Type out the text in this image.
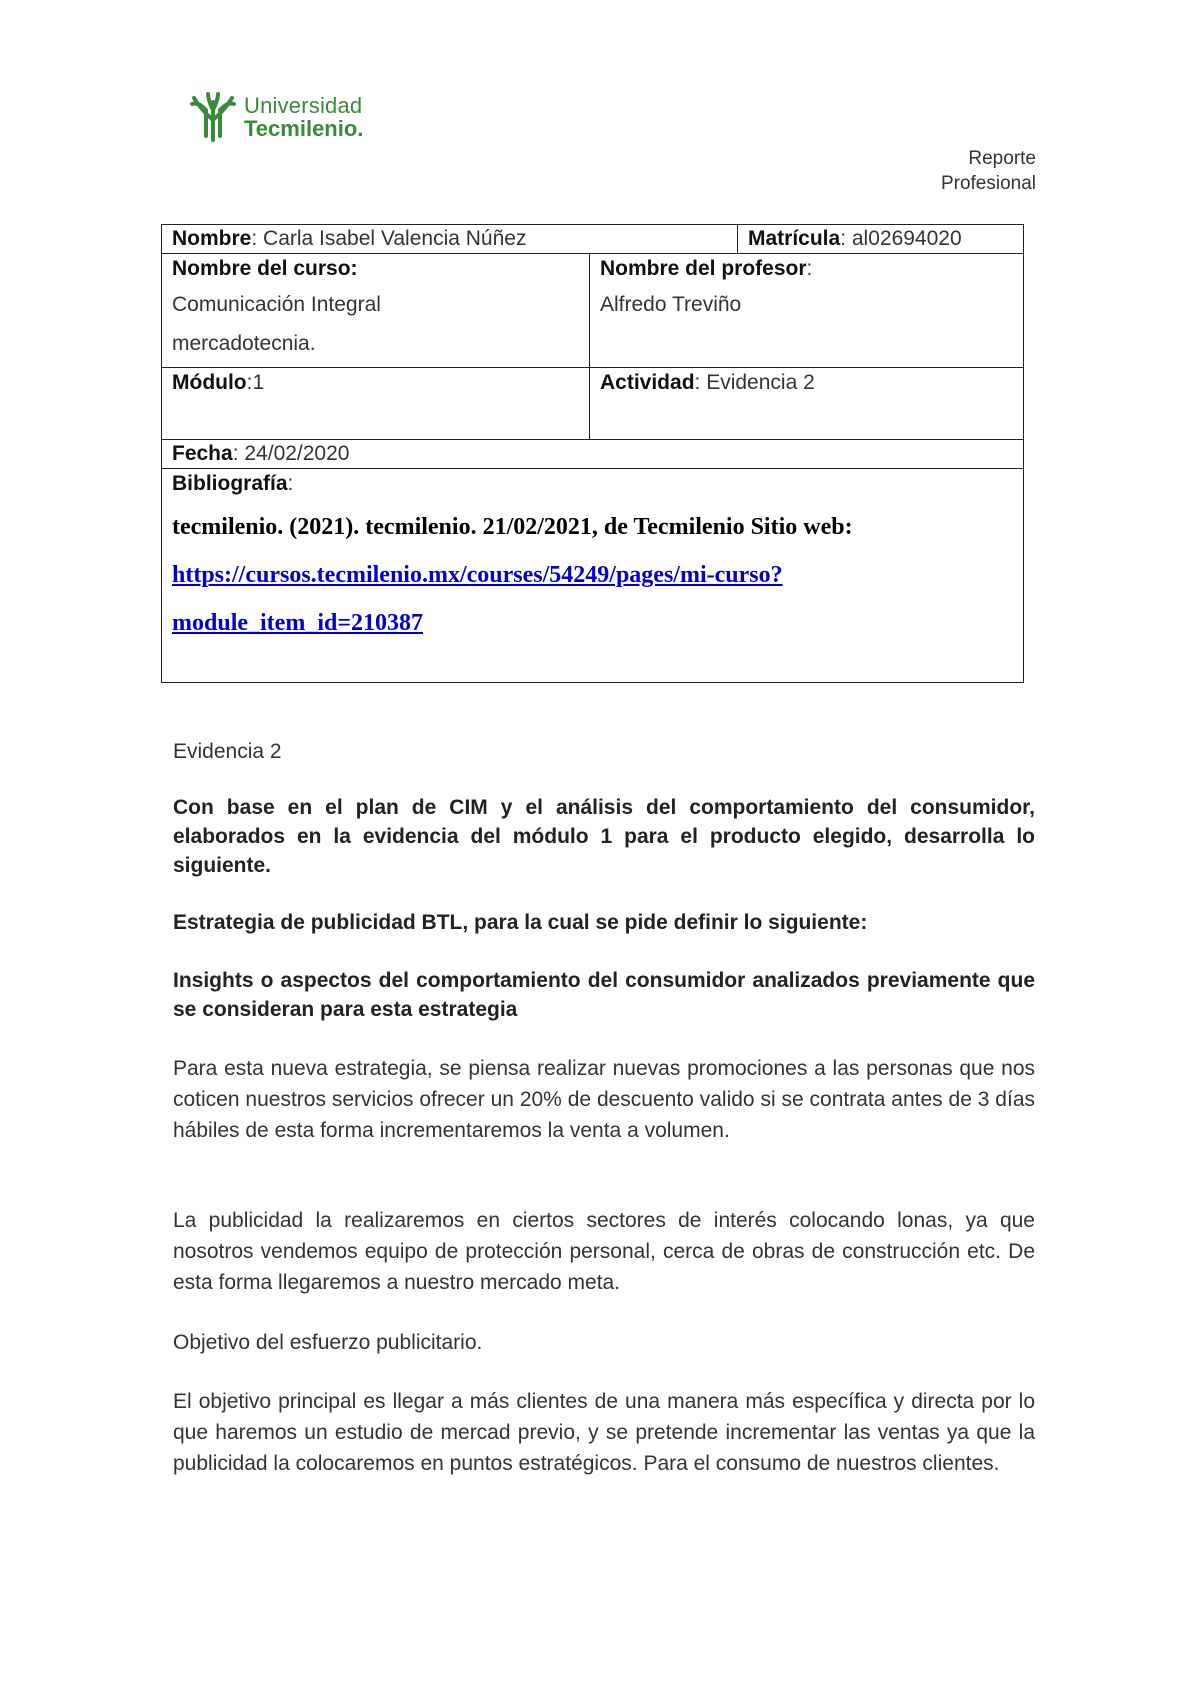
Universidad
Tecmilenio.
Reporte
Profesional
Nombre: Carla Isabel Valencia Núñez	Matrícula: al02694020
Nombre del curso:
Comunicación Integral
mercadotecnia.
Nombre del profesor:
Alfredo Treviño
Módulo:1	Actividad: Evidencia 2
Fecha: 24/02/2020
Bibliografía:
tecmilenio. (2021). tecmilenio. 21/02/2021, de Tecmilenio Sitio web:
https://cursos.tecmilenio.mx/courses/54249/pages/mi-curso?
module_item_id=210387
Evidencia 2
Con base en el plan de CIM y el análisis del comportamiento del consumidor, elaborados en la evidencia del módulo 1 para el producto elegido, desarrolla lo siguiente.
Estrategia de publicidad BTL, para la cual se pide definir lo siguiente:
Insights o aspectos del comportamiento del consumidor analizados previamente que se consideran para esta estrategia
Para esta nueva estrategia, se piensa realizar nuevas promociones a las personas que nos coticen nuestros servicios ofrecer un 20% de descuento valido si se contrata antes de 3 días hábiles de esta forma incrementaremos la venta a volumen.
La publicidad la realizaremos en ciertos sectores de interés colocando lonas, ya que nosotros vendemos equipo de protección personal, cerca de obras de construcción etc. De esta forma llegaremos a nuestro mercado meta.
Objetivo del esfuerzo publicitario.
El objetivo principal es llegar a más clientes de una manera más específica y directa por lo que haremos un estudio de mercad previo, y se pretende incrementar las ventas ya que la publicidad la colocaremos en puntos estratégicos. Para el consumo de nuestros clientes.
